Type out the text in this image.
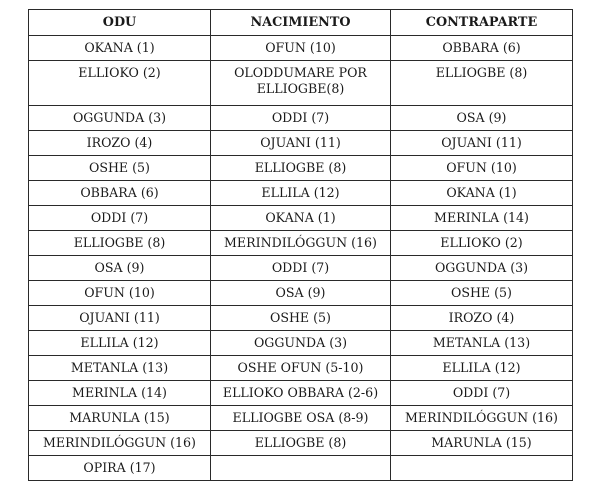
ODU	NACIMIENTO	CONTRAPARTE
OKANA (1)	OFUN (10)	OBBARA (6)
ELLIOKO (2)	OLODDUMARE POR ELLIOGBE(8)	ELLIOGBE (8)
OGGUNDA (3)	ODDI (7)	OSA (9)
IROZO (4)	OJUANI (11)	OJUANI (11)
OSHE (5)	ELLIOGBE (8)	OFUN (10)
OBBARA (6)	ELLILA (12)	OKANA (1)
ODDI (7)	OKANA (1)	MERINLA (14)
ELLIOGBE (8)	MERINDILÓGGUN (16)	ELLIOKO (2)
OSA (9)	ODDI (7)	OGGUNDA (3)
OFUN (10)	OSA (9)	OSHE (5)
OJUANI (11)	OSHE (5)	IROZO (4)
ELLILA (12)	OGGUNDA (3)	METANLA (13)
METANLA (13)	OSHE OFUN (5-10)	ELLILA (12)
MERINLA (14)	ELLIOKO OBBARA (2-6)	ODDI (7)
MARUNLA (15)	ELLIOGBE OSA (8-9)	MERINDILÓGGUN (16)
MERINDILÓGGUN (16)	ELLIOGBE (8)	MARUNLA (15)
OPIRA (17)		
